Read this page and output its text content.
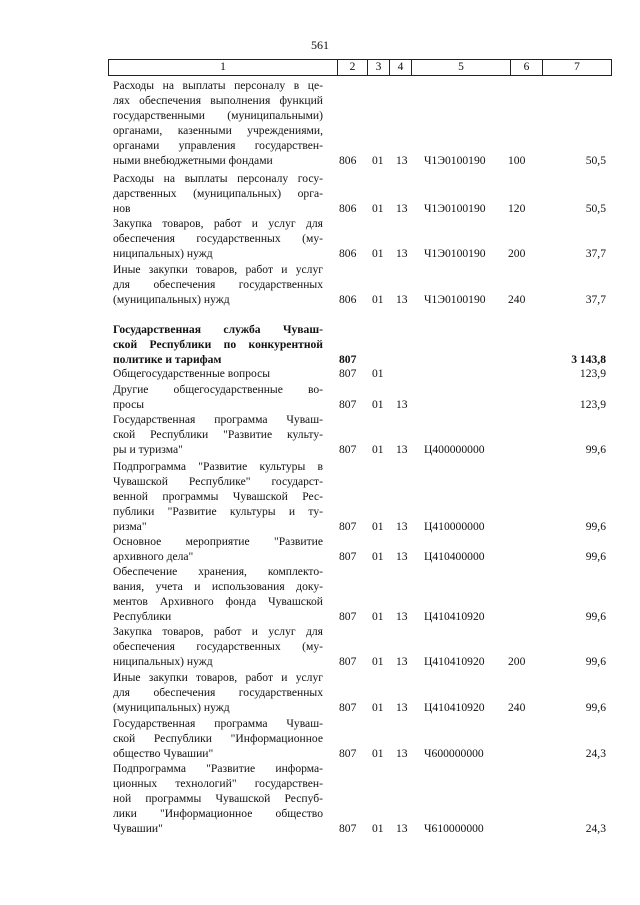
561
1	2	3	4	5	6	7
Расходы на выплаты персоналу в це-
лях обеспечения выполнения функций
государственными (муниципальными)
органами, казенными учреждениями,
органами управления государствен-
ными внебюджетными фондами	806 01 13 Ч1Э0100190 100	50,5
Расходы на выплаты персоналу госу-
дарственных (муниципальных) орга-
нов	806 01 13 Ч1Э0100190 120	50,5
Закупка товаров, работ и услуг для
обеспечения государственных (му-
ниципальных) нужд	806 01 13 Ч1Э0100190 200	37,7
Иные закупки товаров, работ и услуг
для обеспечения государственных
(муниципальных) нужд	806 01 13 Ч1Э0100190 240	37,7
Государственная служба Чуваш-
ской Республики по конкурентной
политике и тарифам	807	3 143,8
Общегосударственные вопросы	807 01	123,9
Другие общегосударственные во-
просы	807 01 13	123,9
Государственная программа Чуваш-
ской Республики "Развитие культу-
ры и туризма"	807 01 13 Ц400000000	99,6
Подпрограмма "Развитие культуры в
Чувашской Республике" государст-
венной программы Чувашской Рес-
публики "Развитие культуры и ту-
ризма"	807 01 13 Ц410000000	99,6
Основное мероприятие "Развитие
архивного дела"	807 01 13 Ц410400000	99,6
Обеспечение хранения, комплекто-
вания, учета и использования доку-
ментов Архивного фонда Чувашской
Республики	807 01 13 Ц410410920	99,6
Закупка товаров, работ и услуг для
обеспечения государственных (му-
ниципальных) нужд	807 01 13 Ц410410920 200	99,6
Иные закупки товаров, работ и услуг
для обеспечения государственных
(муниципальных) нужд	807 01 13 Ц410410920 240	99,6
Государственная программа Чуваш-
ской Республики "Информационное
общество Чувашии"	807 01 13 Ч600000000	24,3
Подпрограмма "Развитие информа-
ционных технологий" государствен-
ной программы Чувашской Респуб-
лики "Информационное общество
Чувашии"	807 01 13 Ч610000000	24,3
